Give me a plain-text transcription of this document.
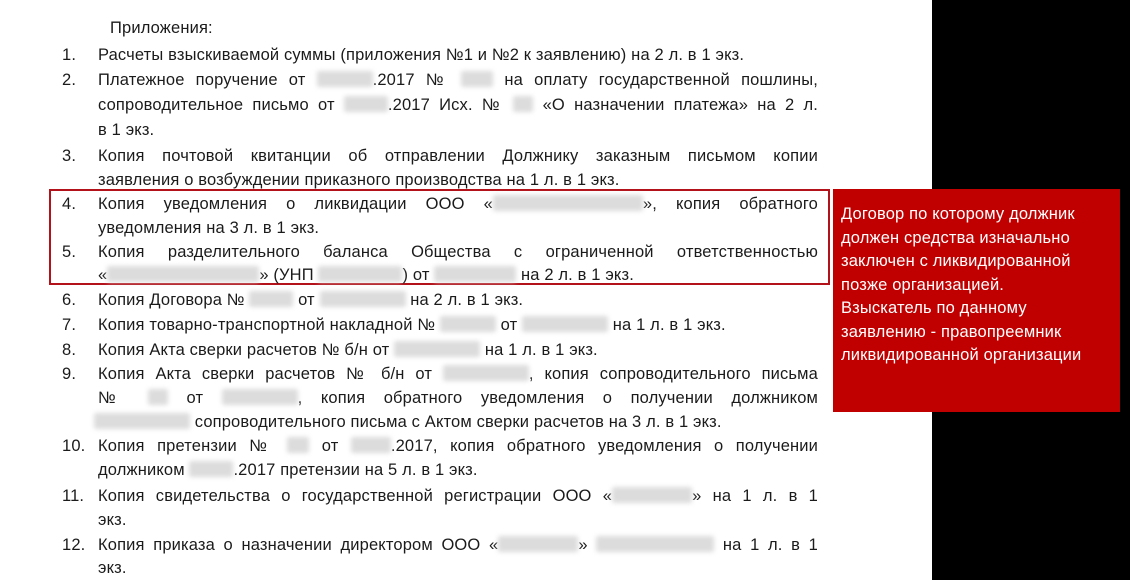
Приложения:
1. Расчеты взыскиваемой суммы (приложения №1 и №2 к заявлению) на 2 л. в 1 экз.
2. Платежное поручение от	.2017 №	на оплату государственной пошлины,
сопроводительное письмо от	.2017 Исх. № «О назначении платежа» на 2 л.
в 1 экз.
3. Копия почтовой квитанции об отправлении Должнику заказным письмом копии
заявления о возбуждении приказного производства на 1 л. в 1 экз.
4. Копия уведомления о ликвидации ООО «	», копия обратного
уведомления на 3 л. в 1 экз.
5. Копия разделительного баланса Общества с ограниченной ответственностью
«	» (УНП	) от	на 2 л. в 1 экз.
6. Копия Договора №	от	на 2 л. в 1 экз.
7. Копия товарно-транспортной накладной №	от	на 1 л. в 1 экз.
8. Копия Акта сверки расчетов № б/н от	на 1 л. в 1 экз.
9. Копия Акта сверки расчетов № б/н от	, копия сопроводительного письма
№	от	, копия обратного уведомления о получении должником
сопроводительного письма с Актом сверки расчетов на 3 л. в 1 экз.
10. Копия претензии №	от	.2017, копия обратного уведомления о получении
должником	.2017 претензии на 5 л. в 1 экз.
11. Копия свидетельства о государственной регистрации ООО «	» на 1 л. в 1
экз.
12. Копия приказа о назначении директором ООО «	»	на 1 л. в 1
экз.
Договор по которому должник
должен средства изначально
заключен с ликвидированной
позже организацией.
Взыскатель по данному
заявлению - правопреемник
ликвидированной организации
